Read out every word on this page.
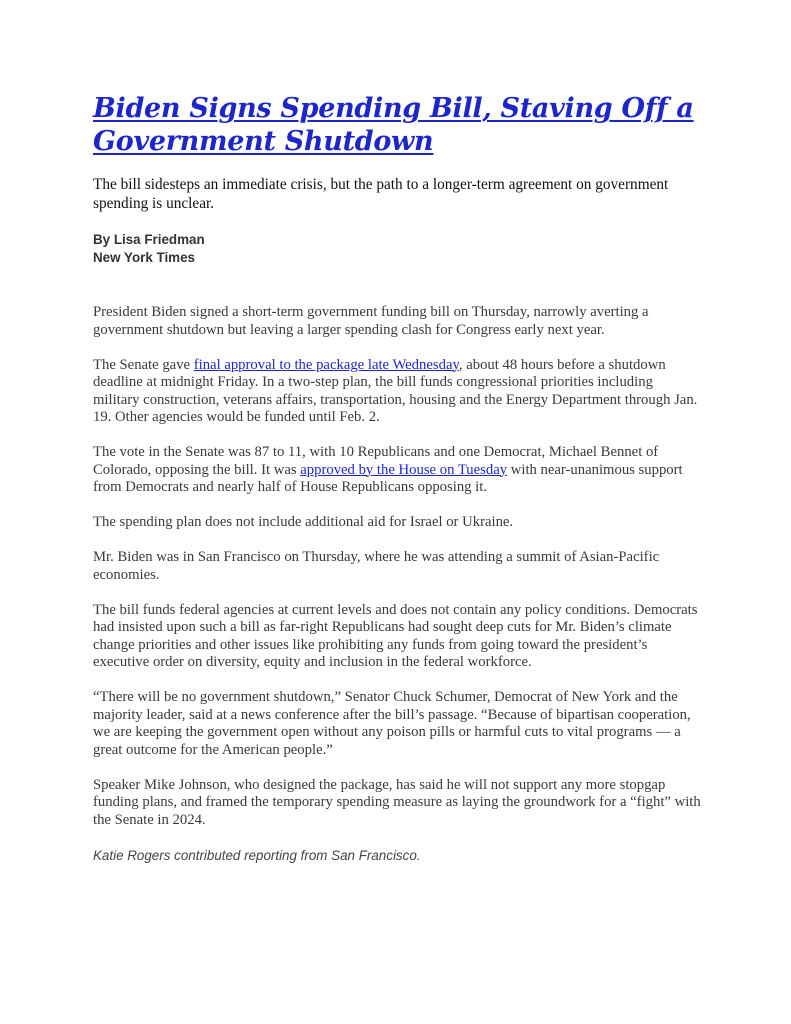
Biden Signs Spending Bill, Staving Off a Government Shutdown

The bill sidesteps an immediate crisis, but the path to a longer-term agreement on government spending is unclear.

By Lisa Friedman
New York Times

President Biden signed a short-term government funding bill on Thursday, narrowly averting a government shutdown but leaving a larger spending clash for Congress early next year.

The Senate gave final approval to the package late Wednesday, about 48 hours before a shutdown deadline at midnight Friday. In a two-step plan, the bill funds congressional priorities including military construction, veterans affairs, transportation, housing and the Energy Department through Jan. 19. Other agencies would be funded until Feb. 2.

The vote in the Senate was 87 to 11, with 10 Republicans and one Democrat, Michael Bennet of Colorado, opposing the bill. It was approved by the House on Tuesday with near-unanimous support from Democrats and nearly half of House Republicans opposing it.

The spending plan does not include additional aid for Israel or Ukraine.

Mr. Biden was in San Francisco on Thursday, where he was attending a summit of Asian-Pacific economies.

The bill funds federal agencies at current levels and does not contain any policy conditions. Democrats had insisted upon such a bill as far-right Republicans had sought deep cuts for Mr. Biden’s climate change priorities and other issues like prohibiting any funds from going toward the president’s executive order on diversity, equity and inclusion in the federal workforce.

“There will be no government shutdown,” Senator Chuck Schumer, Democrat of New York and the majority leader, said at a news conference after the bill’s passage. “Because of bipartisan cooperation, we are keeping the government open without any poison pills or harmful cuts to vital programs — a great outcome for the American people.”

Speaker Mike Johnson, who designed the package, has said he will not support any more stopgap funding plans, and framed the temporary spending measure as laying the groundwork for a “fight” with the Senate in 2024.

Katie Rogers contributed reporting from San Francisco.
